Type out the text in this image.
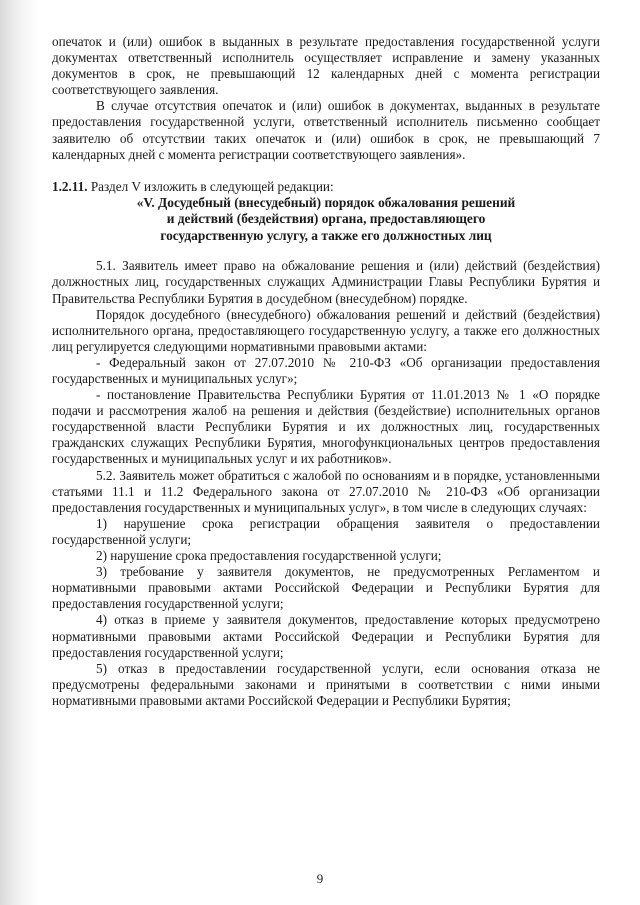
опечаток и (или) ошибок в выданных в результате предоставления государственной услуги документах ответственный исполнитель осуществляет исправление и замену указанных документов в срок, не превышающий 12 календарных дней с момента регистрации соответствующего заявления.

В случае отсутствия опечаток и (или) ошибок в документах, выданных в результате предоставления государственной услуги, ответственный исполнитель письменно сообщает заявителю об отсутствии таких опечаток и (или) ошибок в срок, не превышающий 7 календарных дней с момента регистрации соответствующего заявления».

1.2.11. Раздел V изложить в следующей редакции:

«V. Досудебный (внесудебный) порядок обжалования решений

и действий (бездействия) органа, предоставляющего

государственную услугу, а также его должностных лиц

5.1. Заявитель имеет право на обжалование решения и (или) действий (бездействия) должностных лиц, государственных служащих Администрации Главы Республики Бурятия и Правительства Республики Бурятия в досудебном (внесудебном) порядке.

Порядок досудебного (внесудебного) обжалования решений и действий (бездействия) исполнительного органа, предоставляющего государственную услугу, а также его должностных лиц регулируется следующими нормативными правовыми актами:

- Федеральный закон от 27.07.2010 № 210-ФЗ «Об организации предоставления государственных и муниципальных услуг»;

- постановление Правительства Республики Бурятия от 11.01.2013 № 1 «О порядке подачи и рассмотрения жалоб на решения и действия (бездействие) исполнительных органов государственной власти Республики Бурятия и их должностных лиц, государственных гражданских служащих Республики Бурятия, многофункциональных центров предоставления государственных и муниципальных услуг и их работников».

5.2. Заявитель может обратиться с жалобой по основаниям и в порядке, установленными статьями 11.1 и 11.2 Федерального закона от 27.07.2010 № 210-ФЗ «Об организации предоставления государственных и муниципальных услуг», в том числе в следующих случаях:

1) нарушение срока регистрации обращения заявителя о предоставлении государственной услуги;

2) нарушение срока предоставления государственной услуги;

3) требование у заявителя документов, не предусмотренных Регламентом и нормативными правовыми актами Российской Федерации и Республики Бурятия для предоставления государственной услуги;

4) отказ в приеме у заявителя документов, предоставление которых предусмотрено нормативными правовыми актами Российской Федерации и Республики Бурятия для предоставления государственной услуги;

5) отказ в предоставлении государственной услуги, если основания отказа не предусмотрены федеральными законами и принятыми в соответствии с ними иными нормативными правовыми актами Российской Федерации и Республики Бурятия;

9
